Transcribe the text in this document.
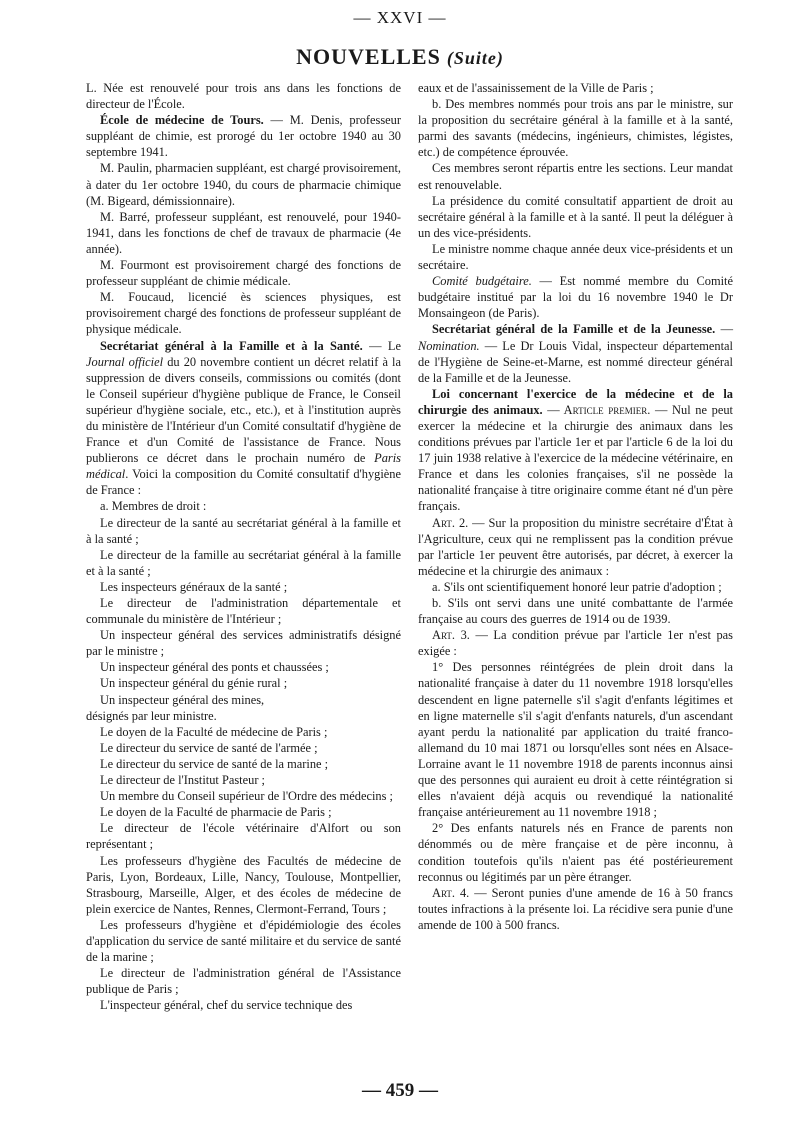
— XXVI —
NOUVELLES (Suite)

L. Née est renouvelé pour trois ans dans les fonctions de directeur de l'École.

École de médecine de Tours. — M. Denis, professeur suppléant de chimie, est prorogé du 1er octobre 1940 au 30 septembre 1941.

M. Paulin, pharmacien suppléant, est chargé provisoirement, à dater du 1er octobre 1940, du cours de pharmacie chimique (M. Bigeard, démissionnaire).

M. Barré, professeur suppléant, est renouvelé, pour 1940-1941, dans les fonctions de chef de travaux de pharmacie (4e année).

M. Fourmont est provisoirement chargé des fonctions de professeur suppléant de chimie médicale.

M. Foucaud, licencié ès sciences physiques, est provisoirement chargé des fonctions de professeur suppléant de physique médicale.

Secrétariat général à la Famille et à la Santé. — Le Journal officiel du 20 novembre contient un décret relatif à la suppression de divers conseils, commissions ou comités (dont le Conseil supérieur d'hygiène publique de France, le Conseil supérieur d'hygiène sociale, etc., etc.), et à l'institution auprès du ministère de l'Intérieur d'un Comité consultatif d'hygiène de France et d'un Comité de l'assistance de France. Nous publierons ce décret dans le prochain numéro de Paris médical. Voici la composition du Comité consultatif d'hygiène de France :

a. Membres de droit :

Le directeur de la santé au secrétariat général à la famille et à la santé ;

Le directeur de la famille au secrétariat général à la famille et à la santé ;

Les inspecteurs généraux de la santé ;

Le directeur de l'administration départementale et communale du ministère de l'Intérieur ;

Un inspecteur général des services administratifs désigné par le ministre ;

Un inspecteur général des ponts et chaussées ;

Un inspecteur général du génie rural ;

Un inspecteur général des mines,

désignés par leur ministre.

Le doyen de la Faculté de médecine de Paris ;

Le directeur du service de santé de l'armée ;

Le directeur du service de santé de la marine ;

Le directeur de l'Institut Pasteur ;

Un membre du Conseil supérieur de l'Ordre des médecins ;

Le doyen de la Faculté de pharmacie de Paris ;

Le directeur de l'école vétérinaire d'Alfort ou son représentant ;

Les professeurs d'hygiène des Facultés de médecine de Paris, Lyon, Bordeaux, Lille, Nancy, Toulouse, Montpellier, Strasbourg, Marseille, Alger, et des écoles de médecine de plein exercice de Nantes, Rennes, Clermont-Ferrand, Tours ;

Les professeurs d'hygiène et d'épidémiologie des écoles d'application du service de santé militaire et du service de santé de la marine ;

Le directeur de l'administration général de l'Assistance publique de Paris ;

L'inspecteur général, chef du service technique des

eaux et de l'assainissement de la Ville de Paris ;

b. Des membres nommés pour trois ans par le ministre, sur la proposition du secrétaire général à la famille et à la santé, parmi des savants (médecins, ingénieurs, chimistes, légistes, etc.) de compétence éprouvée.

Ces membres seront répartis entre les sections. Leur mandat est renouvelable.

La présidence du comité consultatif appartient de droit au secrétaire général à la famille et à la santé. Il peut la déléguer à un des vice-présidents.

Le ministre nomme chaque année deux vice-présidents et un secrétaire.

Comité budgétaire. — Est nommé membre du Comité budgétaire institué par la loi du 16 novembre 1940 le Dr Monsaingeon (de Paris).

Secrétariat général de la Famille et de la Jeunesse. — Nomination. — Le Dr Louis Vidal, inspecteur départemental de l'Hygiène de Seine-et-Marne, est nommé directeur général de la Famille et de la Jeunesse.

Loi concernant l'exercice de la médecine et de la chirurgie des animaux. — Article premier. — Nul ne peut exercer la médecine et la chirurgie des animaux dans les conditions prévues par l'article 1er et par l'article 6 de la loi du 17 juin 1938 relative à l'exercice de la médecine vétérinaire, en France et dans les colonies françaises, s'il ne possède la nationalité française à titre originaire comme étant né d'un père français.

Art. 2. — Sur la proposition du ministre secrétaire d'État à l'Agriculture, ceux qui ne remplissent pas la condition prévue par l'article 1er peuvent être autorisés, par décret, à exercer la médecine et la chirurgie des animaux :

a. S'ils ont scientifiquement honoré leur patrie d'adoption ;

b. S'ils ont servi dans une unité combattante de l'armée française au cours des guerres de 1914 ou de 1939.

Art. 3. — La condition prévue par l'article 1er n'est pas exigée :

1° Des personnes réintégrées de plein droit dans la nationalité française à dater du 11 novembre 1918 lorsqu'elles descendent en ligne paternelle s'il s'agit d'enfants légitimes et en ligne maternelle s'il s'agit d'enfants naturels, d'un ascendant ayant perdu la nationalité par application du traité franco-allemand du 10 mai 1871 ou lorsqu'elles sont nées en Alsace-Lorraine avant le 11 novembre 1918 de parents inconnus ainsi que des personnes qui auraient eu droit à cette réintégration si elles n'avaient déjà acquis ou revendiqué la nationalité française antérieurement au 11 novembre 1918 ;

2° Des enfants naturels nés en France de parents non dénommés ou de mère française et de père inconnu, à condition toutefois qu'ils n'aient pas été postérieurement reconnus ou légitimés par un père étranger.

Art. 4. — Seront punies d'une amende de 16 à 50 francs toutes infractions à la présente loi. La récidive sera punie d'une amende de 100 à 500 francs.

— 459 —
